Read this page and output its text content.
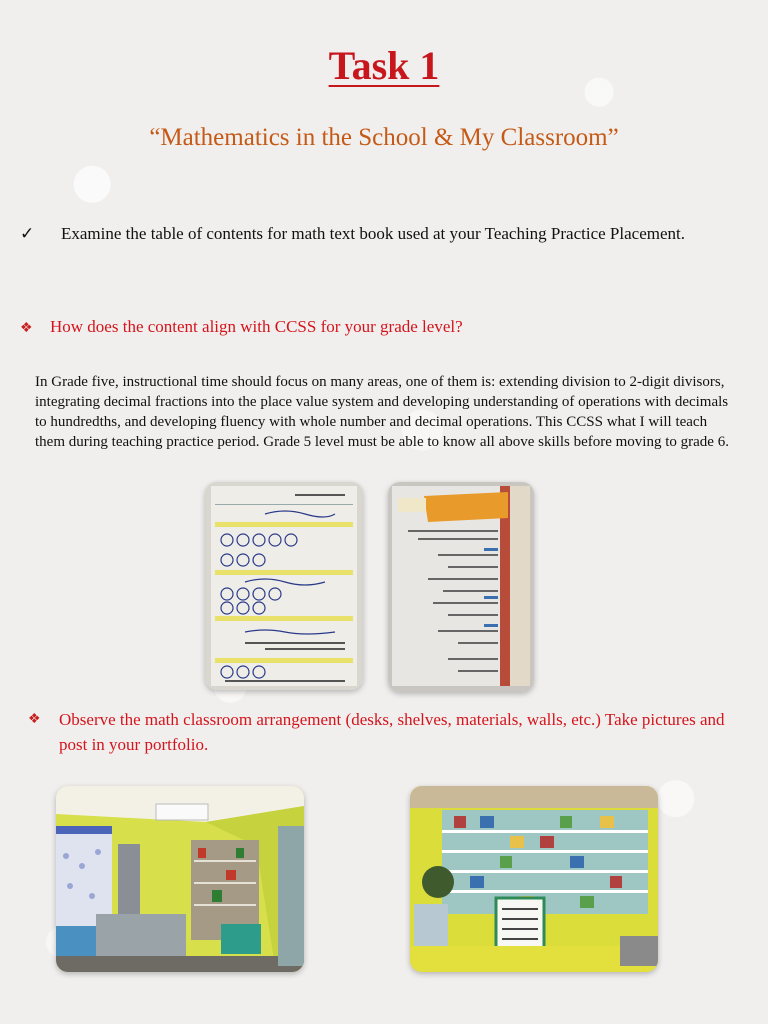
Task 1
“Mathematics in the School & My Classroom”
✓	Examine the table of contents for math text book used at your Teaching Practice Placement.
❖ How does the content align with CCSS for your grade level?
In Grade five, instructional time should focus on many areas, one of them is: extending division to 2-digit divisors, integrating decimal fractions into the place value system and developing understanding of operations with decimals to hundredths, and developing fluency with whole number and decimal operations. This CCSS what I will teach them during teaching practice period. Grade 5 level must be able to know all above skills before moving to grade 6.
❖	Observe the math classroom arrangement (desks, shelves, materials, walls, etc.) Take pictures and post in your portfolio.
